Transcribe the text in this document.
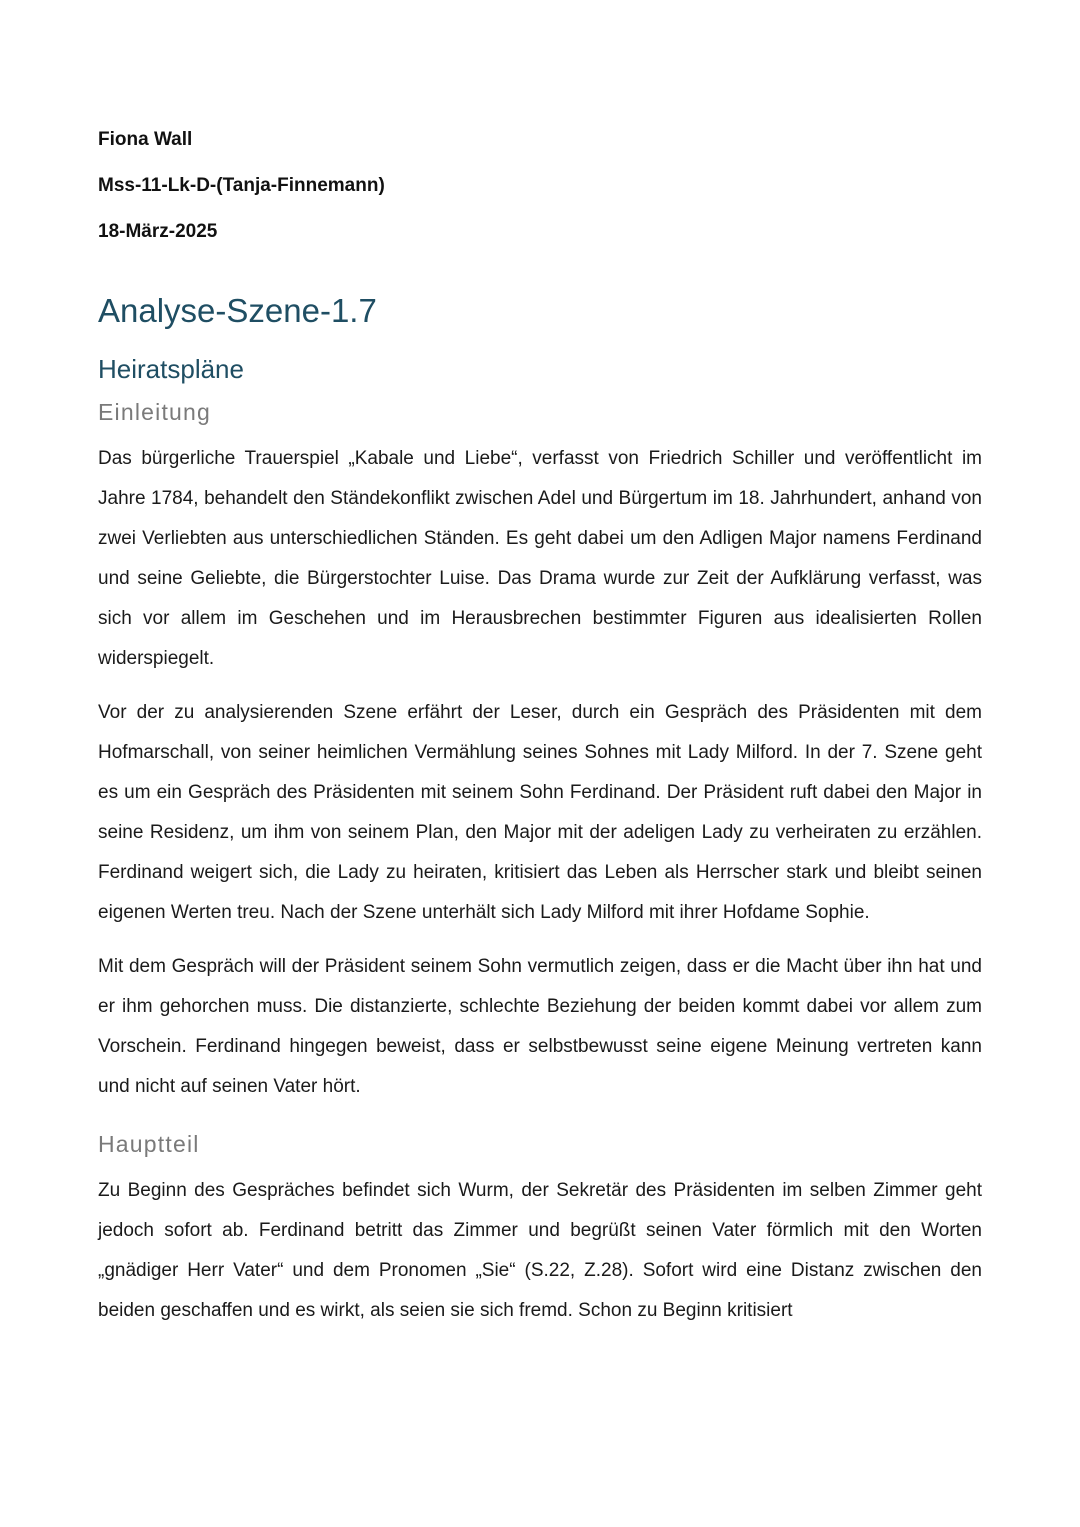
Fiona Wall
Mss-11-Lk-D-(Tanja-Finnemann)
18-März-2025
Analyse-Szene-1.7
Heiratspläne
Einleitung

Das bürgerliche Trauerspiel „Kabale und Liebe“, verfasst von Friedrich Schiller und veröffentlicht im Jahre 1784, behandelt den Ständekonflikt zwischen Adel und Bürgertum im 18. Jahrhundert, anhand von zwei Verliebten aus unterschiedlichen Ständen. Es geht dabei um den Adligen Major namens Ferdinand und seine Geliebte, die Bürgerstochter Luise. Das Drama wurde zur Zeit der Aufklärung verfasst, was sich vor allem im Geschehen und im Herausbrechen bestimmter Figuren aus idealisierten Rollen widerspiegelt.

Vor der zu analysierenden Szene erfährt der Leser, durch ein Gespräch des Präsidenten mit dem Hofmarschall, von seiner heimlichen Vermählung seines Sohnes mit Lady Milford. In der 7. Szene geht es um ein Gespräch des Präsidenten mit seinem Sohn Ferdinand. Der Präsident ruft dabei den Major in seine Residenz, um ihm von seinem Plan, den Major mit der adeligen Lady zu verheiraten zu erzählen. Ferdinand weigert sich, die Lady zu heiraten, kritisiert das Leben als Herrscher stark und bleibt seinen eigenen Werten treu. Nach der Szene unterhält sich Lady Milford mit ihrer Hofdame Sophie.

Mit dem Gespräch will der Präsident seinem Sohn vermutlich zeigen, dass er die Macht über ihn hat und er ihm gehorchen muss. Die distanzierte, schlechte Beziehung der beiden kommt dabei vor allem zum Vorschein. Ferdinand hingegen beweist, dass er selbstbewusst seine eigene Meinung vertreten kann und nicht auf seinen Vater hört.

Hauptteil

Zu Beginn des Gespräches befindet sich Wurm, der Sekretär des Präsidenten im selben Zimmer geht jedoch sofort ab. Ferdinand betritt das Zimmer und begrüßt seinen Vater förmlich mit den Worten „gnädiger Herr Vater“ und dem Pronomen „Sie“ (S.22, Z.28). Sofort wird eine Distanz zwischen den beiden geschaffen und es wirkt, als seien sie sich fremd. Schon zu Beginn kritisiert
